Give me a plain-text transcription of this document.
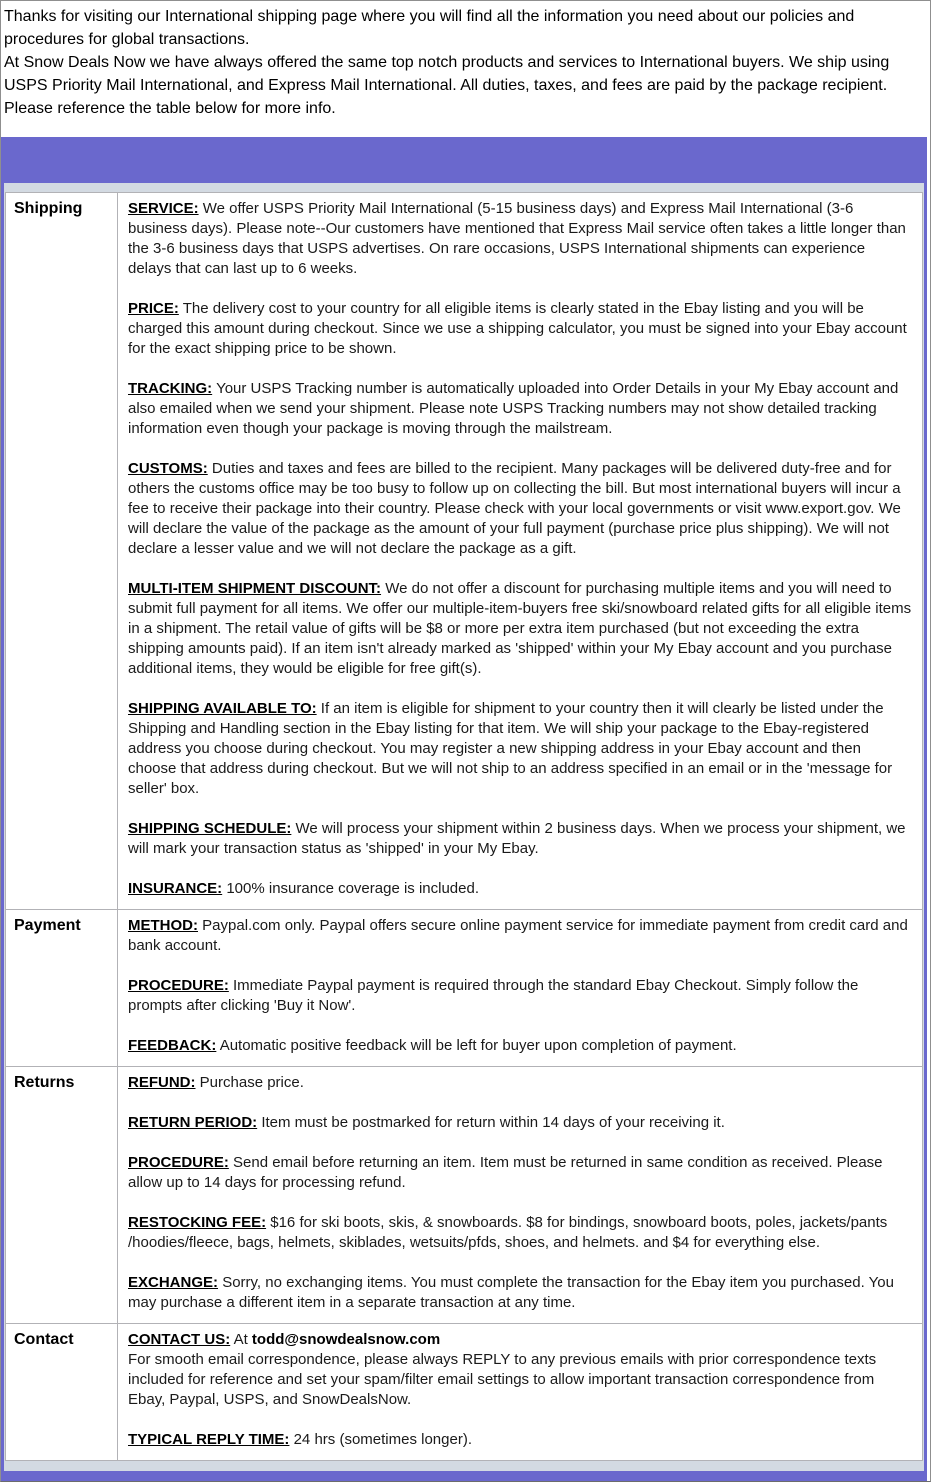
Thanks for visiting our International shipping page where you will find all the information you need about our policies and procedures for global transactions.

At Snow Deals Now we have always offered the same top notch products and services to International buyers. We ship using USPS Priority Mail International, and Express Mail International. All duties, taxes, and fees are paid by the package recipient. Please reference the table below for more info.

Shipping	SERVICE: We offer USPS Priority Mail International (5-15 business days) and Express Mail International (3-6 business days). Please note--Our customers have mentioned that Express Mail service often takes a little longer than the 3-6 business days that USPS advertises. On rare occasions, USPS International shipments can experience delays that can last up to 6 weeks.

PRICE: The delivery cost to your country for all eligible items is clearly stated in the Ebay listing and you will be charged this amount during checkout. Since we use a shipping calculator, you must be signed into your Ebay account for the exact shipping price to be shown.

TRACKING: Your USPS Tracking number is automatically uploaded into Order Details in your My Ebay account and also emailed when we send your shipment. Please note USPS Tracking numbers may not show detailed tracking information even though your package is moving through the mailstream.

CUSTOMS: Duties and taxes and fees are billed to the recipient. Many packages will be delivered duty-free and for others the customs office may be too busy to follow up on collecting the bill. But most international buyers will incur a fee to receive their package into their country. Please check with your local governments or visit www.export.gov. We will declare the value of the package as the amount of your full payment (purchase price plus shipping). We will not declare a lesser value and we will not declare the package as a gift.

MULTI-ITEM SHIPMENT DISCOUNT: We do not offer a discount for purchasing multiple items and you will need to submit full payment for all items. We offer our multiple-item-buyers free ski/snowboard related gifts for all eligible items in a shipment. The retail value of gifts will be $8 or more per extra item purchased (but not exceeding the extra shipping amounts paid). If an item isn't already marked as 'shipped' within your My Ebay account and you purchase additional items, they would be eligible for free gift(s).

SHIPPING AVAILABLE TO: If an item is eligible for shipment to your country then it will clearly be listed under the Shipping and Handling section in the Ebay listing for that item. We will ship your package to the Ebay-registered address you choose during checkout. You may register a new shipping address in your Ebay account and then choose that address during checkout. But we will not ship to an address specified in an email or in the 'message for seller' box.

SHIPPING SCHEDULE: We will process your shipment within 2 business days. When we process your shipment, we will mark your transaction status as 'shipped' in your My Ebay.

INSURANCE: 100% insurance coverage is included.

Payment	METHOD: Paypal.com only. Paypal offers secure online payment service for immediate payment from credit card and bank account.

PROCEDURE: Immediate Paypal payment is required through the standard Ebay Checkout. Simply follow the prompts after clicking 'Buy it Now'.

FEEDBACK: Automatic positive feedback will be left for buyer upon completion of payment.

Returns	REFUND: Purchase price.

RETURN PERIOD: Item must be postmarked for return within 14 days of your receiving it.

PROCEDURE: Send email before returning an item. Item must be returned in same condition as received. Please allow up to 14 days for processing refund.

RESTOCKING FEE: $16 for ski boots, skis, & snowboards. $8 for bindings, snowboard boots, poles, jackets/pants /hoodies/fleece, bags, helmets, skiblades, wetsuits/pfds, shoes, and helmets. and $4 for everything else.

EXCHANGE: Sorry, no exchanging items. You must complete the transaction for the Ebay item you purchased. You may purchase a different item in a separate transaction at any time.

Contact	CONTACT US: At todd@snowdealsnow.com
For smooth email correspondence, please always REPLY to any previous emails with prior correspondence texts included for reference and set your spam/filter email settings to allow important transaction correspondence from Ebay, Paypal, USPS, and SnowDealsNow.

TYPICAL REPLY TIME: 24 hrs (sometimes longer).
